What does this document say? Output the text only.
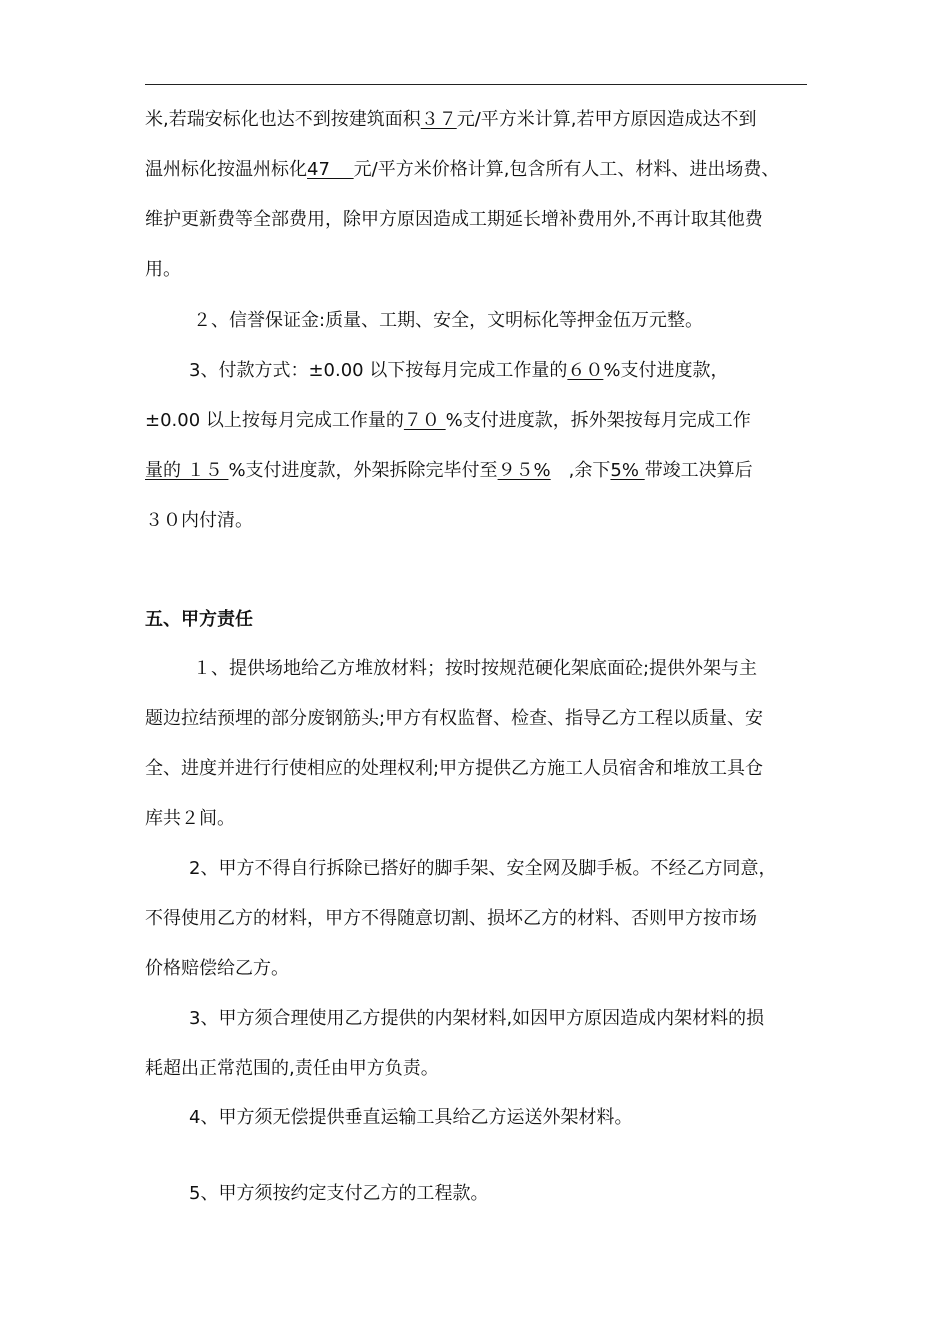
米,若瑞安标化也达不到按建筑面积３７元/平方米计算,若甲方原因造成达不到
温州标化按温州标化47　 元/平方米价格计算,包含所有人工、材料、进出场费、
维护更新费等全部费用，除甲方原因造成工期延长增补费用外,不再计取其他费
用。
２、信誉保证金:质量、工期、安全，文明标化等押金伍万元整。
3、付款方式：±0.00 以下按每月完成工作量的６０%支付进度款，
±0.00 以上按每月完成工作量的７０ %支付进度款，拆外架按每月完成工作
量的 １５ %支付进度款，外架拆除完毕付至９５%　,余下5% 带竣工决算后
３０内付清。
五、甲方责任
１、提供场地给乙方堆放材料；按时按规范硬化架底面砼;提供外架与主
题边拉结预埋的部分废钢筋头;甲方有权监督、检查、指导乙方工程以质量、安
全、进度并进行行使相应的处理权利;甲方提供乙方施工人员宿舍和堆放工具仓
库共２间。
2、甲方不得自行拆除已搭好的脚手架、安全网及脚手板。不经乙方同意，
不得使用乙方的材料，甲方不得随意切割、损坏乙方的材料、否则甲方按市场
价格赔偿给乙方。
3、甲方须合理使用乙方提供的内架材料,如因甲方原因造成内架材料的损
耗超出正常范围的,责任由甲方负责。
4、甲方须无偿提供垂直运输工具给乙方运送外架材料。
5、甲方须按约定支付乙方的工程款。
